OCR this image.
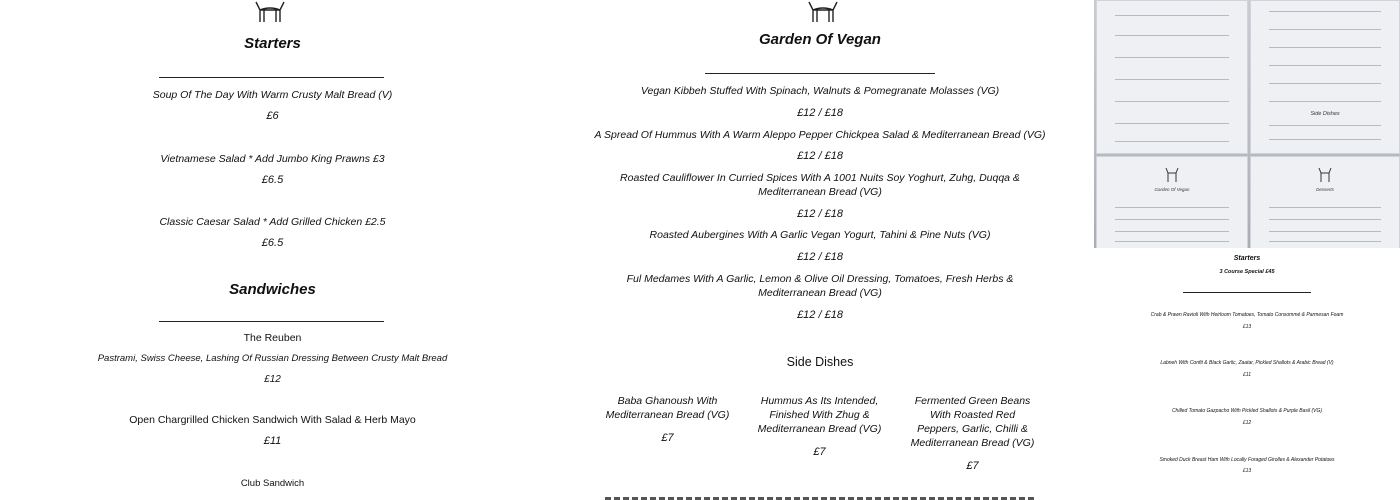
Starters
Soup Of The Day With Warm Crusty Malt Bread (V)
£6
Vietnamese Salad * Add Jumbo King Prawns £3
£6.5
Classic Caesar Salad * Add Grilled Chicken £2.5
£6.5
Sandwiches
The Reuben
Pastrami, Swiss Cheese, Lashing Of Russian Dressing Between Crusty Malt Bread
£12
Open Chargrilled Chicken Sandwich With Salad & Herb Mayo
£11
Club Sandwich
Garden Of Vegan
Vegan Kibbeh Stuffed With Spinach, Walnuts & Pomegranate Molasses (VG)
£12 / £18
A Spread Of Hummus With A Warm Aleppo Pepper Chickpea Salad & Mediterranean Bread (VG)
£12 / £18
Roasted Cauliflower In Curried Spices With A 1001 Nuits Soy Yoghurt, Zuhg, Duqqa &
Mediterranean Bread (VG)
£12 / £18
Roasted Aubergines With A Garlic Vegan Yogurt, Tahini & Pine Nuts (VG)
£12 / £18
Ful Medames With A Garlic, Lemon & Olive Oil Dressing, Tomatoes, Fresh Herbs &
Mediterranean Bread (VG)
£12 / £18
Side Dishes
Baba Ghanoush With Mediterranean Bread (VG)
£7
Hummus As Its Intended, Finished With Zhug & Mediterranean Bread (VG)
£7
Fermented Green Beans With Roasted Red Peppers, Garlic, Chilli & Mediterranean Bread (VG)
£7
Side Dishes
Garden Of Vegan	Desserts
Starters
3 Course Special £45
Crab & Prawn Ravioli With Heirloom Tomatoes, Tomato Consommé & Parmesan Foam
£13
Labneh With Confit & Black Garlic, Zaatar, Pickled Shallots & Arabic Bread (V)
£11
Chilled Tomato Gazpacho With Pickled Shallots & Purple Basil (VG)
£12
Smoked Duck Breast Ham With Locally Foraged Girolles & Alexander Potatoes
£13
